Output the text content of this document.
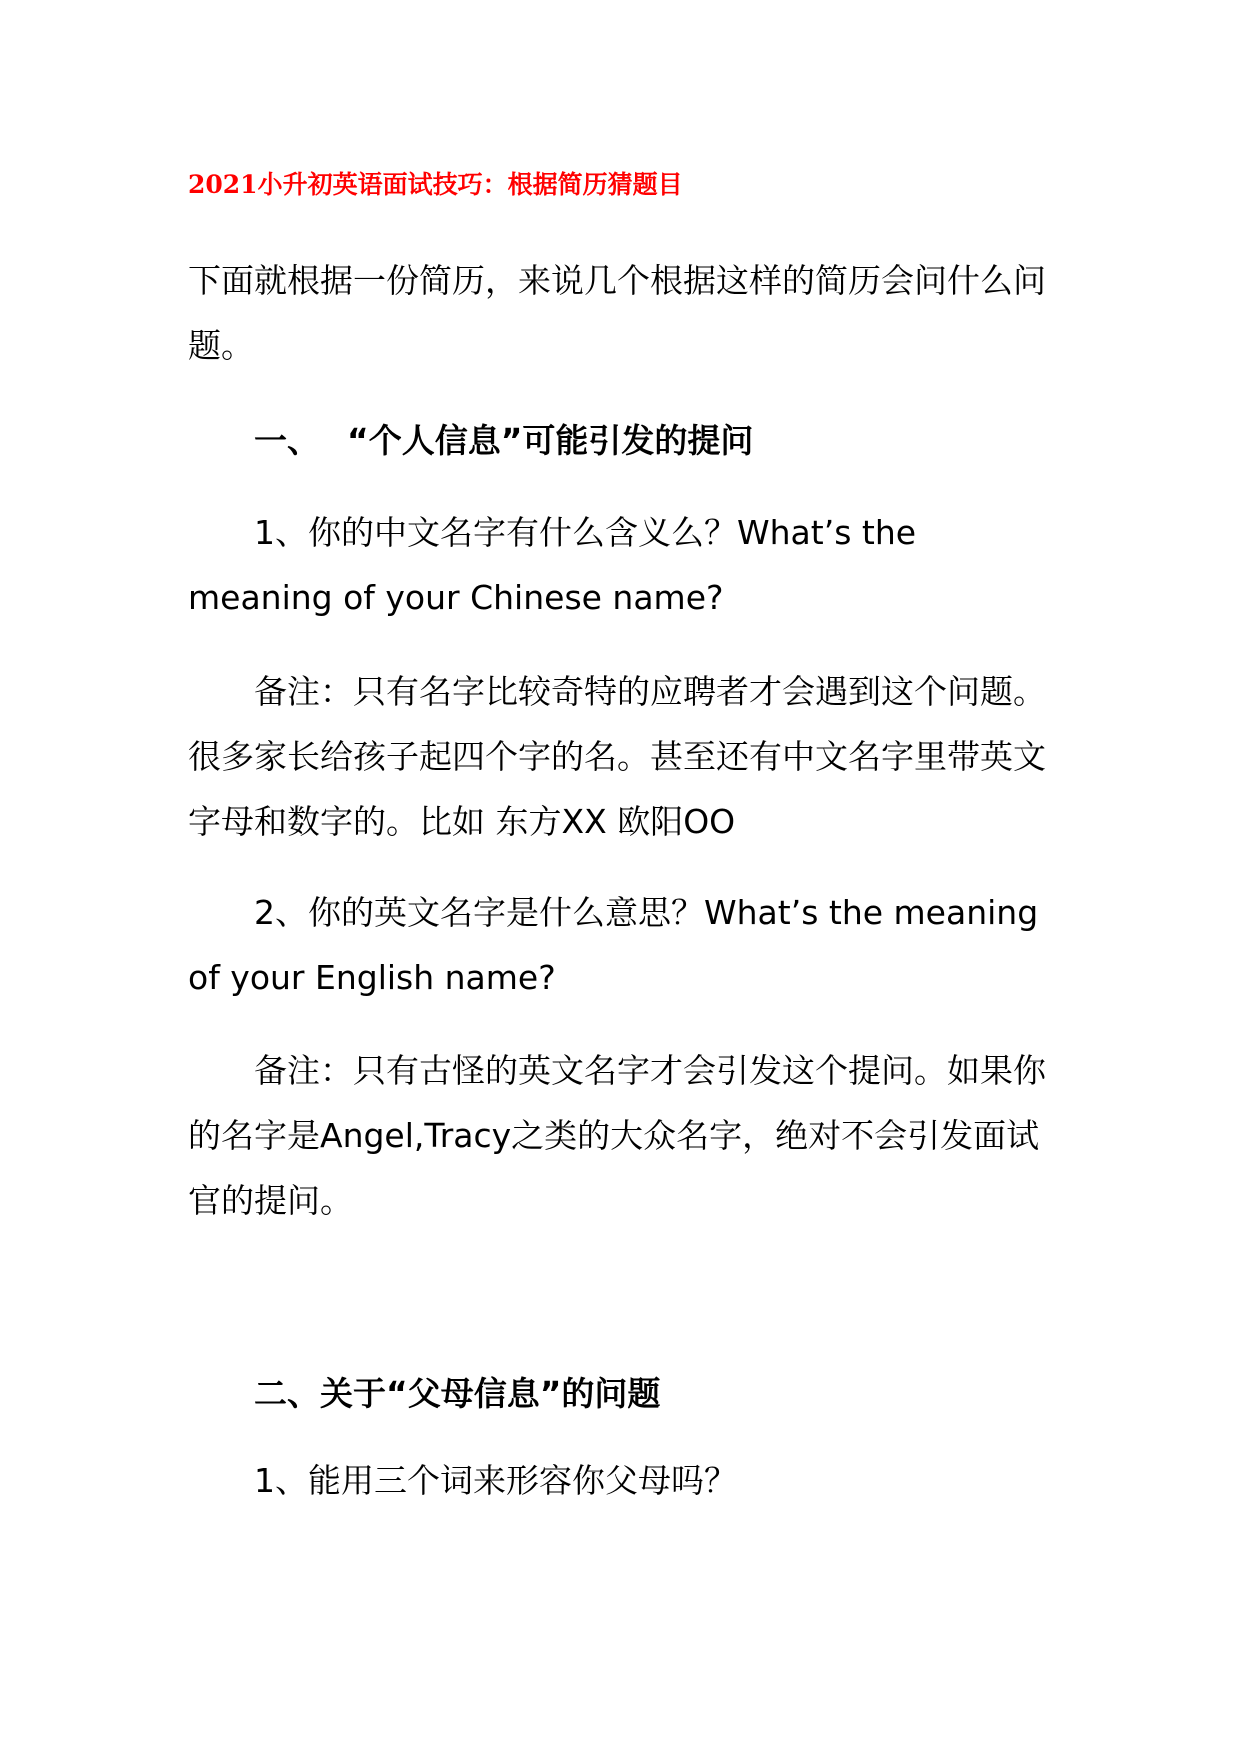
2021小升初英语面试技巧：根据简历猜题目

下面就根据一份简历，来说几个根据这样的简历会问什么问题。

一、 “个人信息”可能引发的提问

1、你的中文名字有什么含义么？What’s the meaning of your Chinese name?

备注：只有名字比较奇特的应聘者才会遇到这个问题。很多家长给孩子起四个字的名。甚至还有中文名字里带英文字母和数字的。比如 东方XX 欧阳OO

2、你的英文名字是什么意思？What’s the meaning of your English name?

备注：只有古怪的英文名字才会引发这个提问。如果你的名字是Angel,Tracy之类的大众名字，绝对不会引发面试官的提问。

二、关于“父母信息”的问题

1、能用三个词来形容你父母吗？
